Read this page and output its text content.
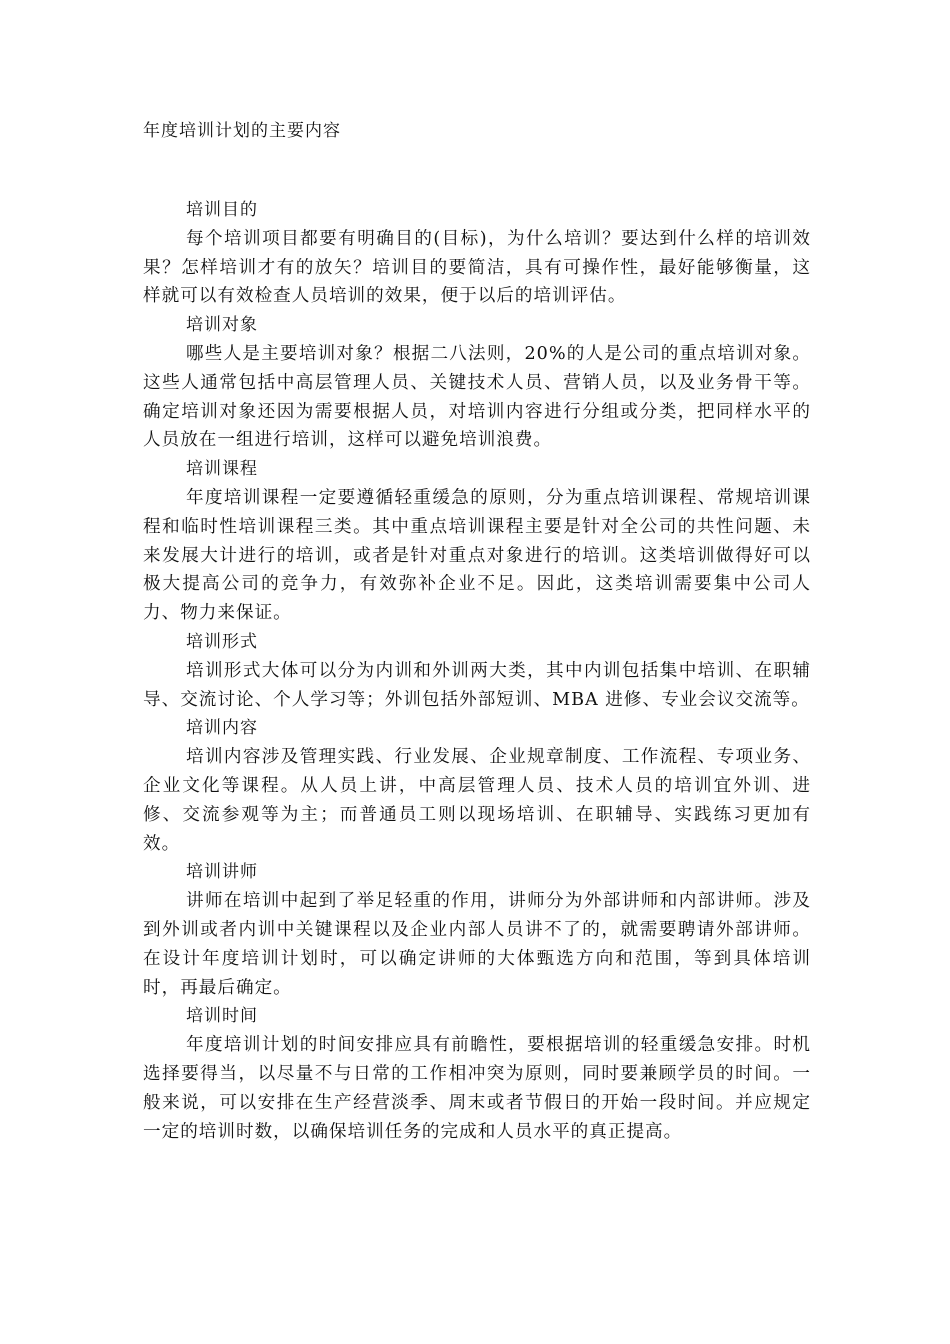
年度培训计划的主要内容
培训目的

每个培训项目都要有明确目的(目标)，为什么培训？要达到什么样的培训效果？怎样培训才有的放矢？培训目的要简洁，具有可操作性，最好能够衡量，这样就可以有效检查人员培训的效果，便于以后的培训评估。

培训对象

哪些人是主要培训对象？根据二八法则，20%的人是公司的重点培训对象。这些人通常包括中高层管理人员、关键技术人员、营销人员，以及业务骨干等。确定培训对象还因为需要根据人员，对培训内容进行分组或分类，把同样水平的人员放在一组进行培训，这样可以避免培训浪费。

培训课程

年度培训课程一定要遵循轻重缓急的原则，分为重点培训课程、常规培训课程和临时性培训课程三类。其中重点培训课程主要是针对全公司的共性问题、未来发展大计进行的培训，或者是针对重点对象进行的培训。这类培训做得好可以极大提高公司的竞争力，有效弥补企业不足。因此，这类培训需要集中公司人力、物力来保证。

培训形式

培训形式大体可以分为内训和外训两大类，其中内训包括集中培训、在职辅导、交流讨论、个人学习等；外训包括外部短训、MBA 进修、专业会议交流等。

培训内容

培训内容涉及管理实践、行业发展、企业规章制度、工作流程、专项业务、企业文化等课程。从人员上讲，中高层管理人员、技术人员的培训宜外训、进修、交流参观等为主；而普通员工则以现场培训、在职辅导、实践练习更加有效。

培训讲师

讲师在培训中起到了举足轻重的作用，讲师分为外部讲师和内部讲师。涉及到外训或者内训中关键课程以及企业内部人员讲不了的，就需要聘请外部讲师。在设计年度培训计划时，可以确定讲师的大体甄选方向和范围，等到具体培训时，再最后确定。

培训时间

年度培训计划的时间安排应具有前瞻性，要根据培训的轻重缓急安排。时机选择要得当，以尽量不与日常的工作相冲突为原则，同时要兼顾学员的时间。一般来说，可以安排在生产经营淡季、周末或者节假日的开始一段时间。并应规定一定的培训时数，以确保培训任务的完成和人员水平的真正提高。
